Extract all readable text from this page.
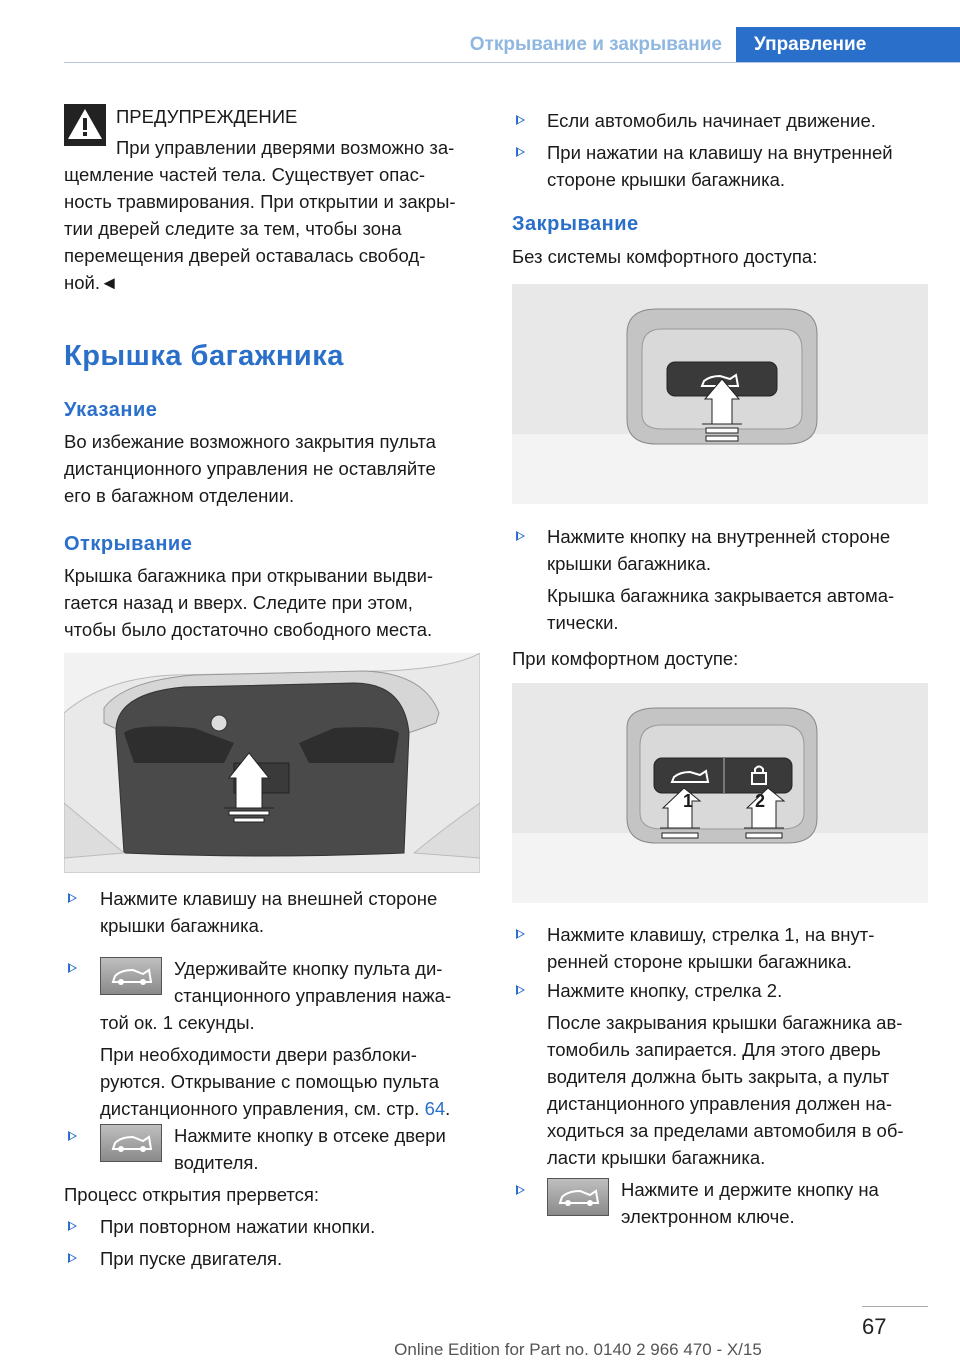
Открывание и закрывание	Управление

ПРЕДУПРЕЖДЕНИЕ

При управлении дверями возможно за-

щемление частей тела. Существует опас-

ность травмирования. При открытии и закры-

тии дверей следите за тем, чтобы зона

перемещения дверей оставалась свобод-

ной.◄

Крышка багажника
Указание

Во избежание возможного закрытия пульта

дистанционного управления не оставляйте

его в багажном отделении.

Открывание

Крышка багажника при открывании выдви-

гается назад и вверх. Следите при этом,

чтобы было достаточно свободного места.

Нажмите клавишу на внешней стороне

крышки багажника.

Удерживайте кнопку пульта ди-

станционного управления нажа-

той ок. 1 секунды.

При необходимости двери разблоки-

руются. Открывание с помощью пульта

дистанционного управления, см. стр. 64.

Нажмите кнопку в отсеке двери

водителя.

Процесс открытия прервется:

При повторном нажатии кнопки.

При пуске двигателя.

Если автомобиль начинает движение.

При нажатии на клавишу на внутренней

стороне крышки багажника.

Закрывание

Без системы комфортного доступа:

Нажмите кнопку на внутренней стороне

крышки багажника.

Крышка багажника закрывается автома-

тически.

При комфортном доступе:

1	2

Нажмите клавишу, стрелка 1, на внут-

ренней стороне крышки багажника.

Нажмите кнопку, стрелка 2.

После закрывания крышки багажника ав-

томобиль запирается. Для этого дверь

водителя должна быть закрыта, а пульт

дистанционного управления должен на-

ходиться за пределами автомобиля в об-

ласти крышки багажника.

Нажмите и держите кнопку на

электронном ключе.

67
Online Edition for Part no. 0140 2 966 470 - X/15
